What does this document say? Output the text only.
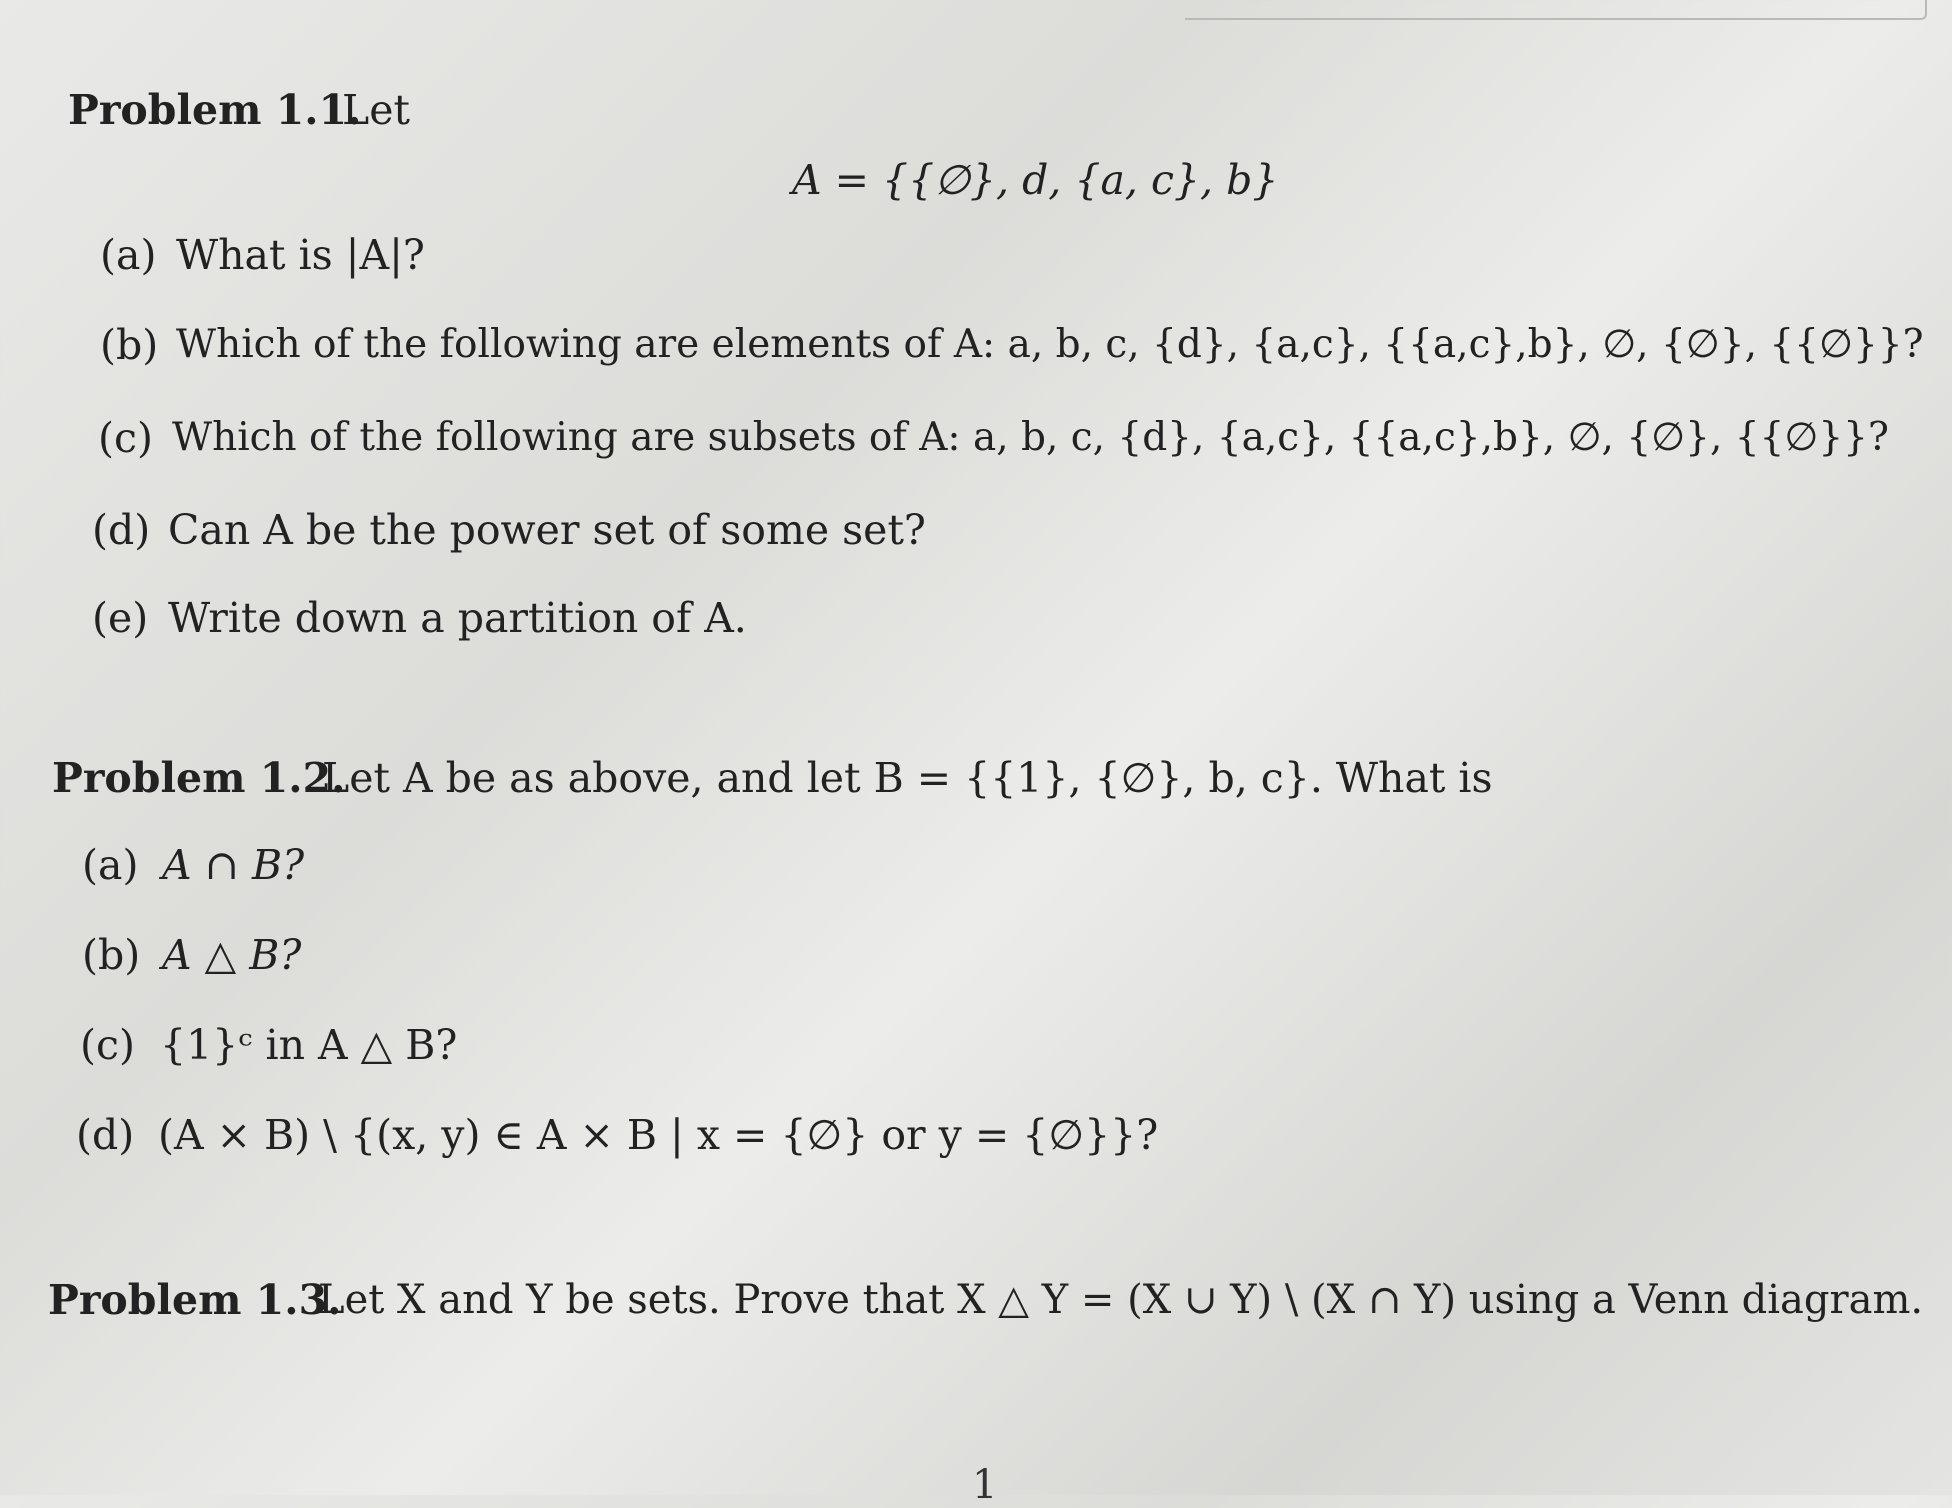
Problem 1.1.
Let
A = {{∅}, d, {a, c}, b}
(a) What is |A|?
(b) Which of the following are elements of A: a, b, c, {d}, {a,c}, {{a,c},b}, ∅, {∅}, {{∅}}?
(c) Which of the following are subsets of A: a, b, c, {d}, {a,c}, {{a,c},b}, ∅, {∅}, {{∅}}?
(d) Can A be the power set of some set?
(e) Write down a partition of A.
Problem 1.2.
Let A be as above, and let B = {{1}, {∅}, b, c}. What is
(a) A ∩ B?
(b) A △ B?
(c) {1}ᶜ in A △ B?
(d) (A × B) \ {(x, y) ∈ A × B | x = {∅} or y = {∅}}?
Problem 1.3.
Let X and Y be sets. Prove that X △ Y = (X ∪ Y) \ (X ∩ Y) using a Venn diagram.
1
